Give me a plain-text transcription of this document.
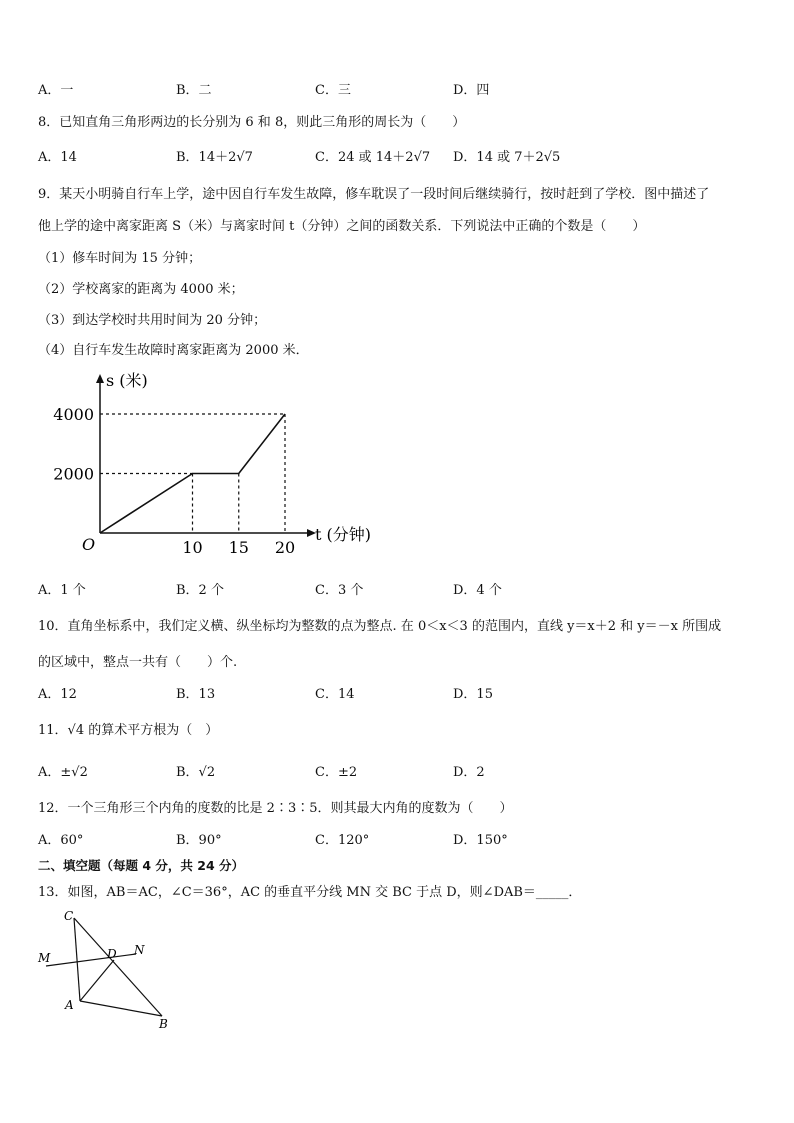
A．一	B．二	C．三	D．四
8．已知直角三角形两边的长分别为 6 和 8，则此三角形的周长为（　　）
A．14	B．14＋2√7	C．24 或 14＋2√7 D．14 或 7＋2√5
9．某天小明骑自行车上学，途中因自行车发生故障，修车耽误了一段时间后继续骑行，按时赶到了学校．图中描述了
他上学的途中离家距离 S（米）与离家时间 t（分钟）之间的函数关系．下列说法中正确的个数是（　　）
（1）修车时间为 15 分钟；
（2）学校离家的距离为 4000 米；
（3）到达学校时共用时间为 20 分钟；
（4）自行车发生故障时离家距离为 2000 米．
10 15 20
2000
4000
O
s (米)
t (分钟)
A．1 个	B．2 个	C．3 个	D．4 个
10．直角坐标系中，我们定义横、纵坐标均为整数的点为整点. 在 0＜x＜3 的范围内，直线 y＝x＋2 和 y＝－x 所围成
的区域中，整点一共有（　　）个.
A．12	B．13	C．14	D．15
11．√4 的算术平方根为（　）
A．±√2	B．√2	C．±2	D．2
12．一个三角形三个内角的度数的比是 2∶3∶5．则其最大内角的度数为（　　）
A．60°	B．90°	C．120°	D．150°
二、填空题（每题 4 分，共 24 分）
13．如图，AB＝AC，∠C＝36°，AC 的垂直平分线 MN 交 BC 于点 D，则∠DAB＝_____．
C
M	D N
A
B
